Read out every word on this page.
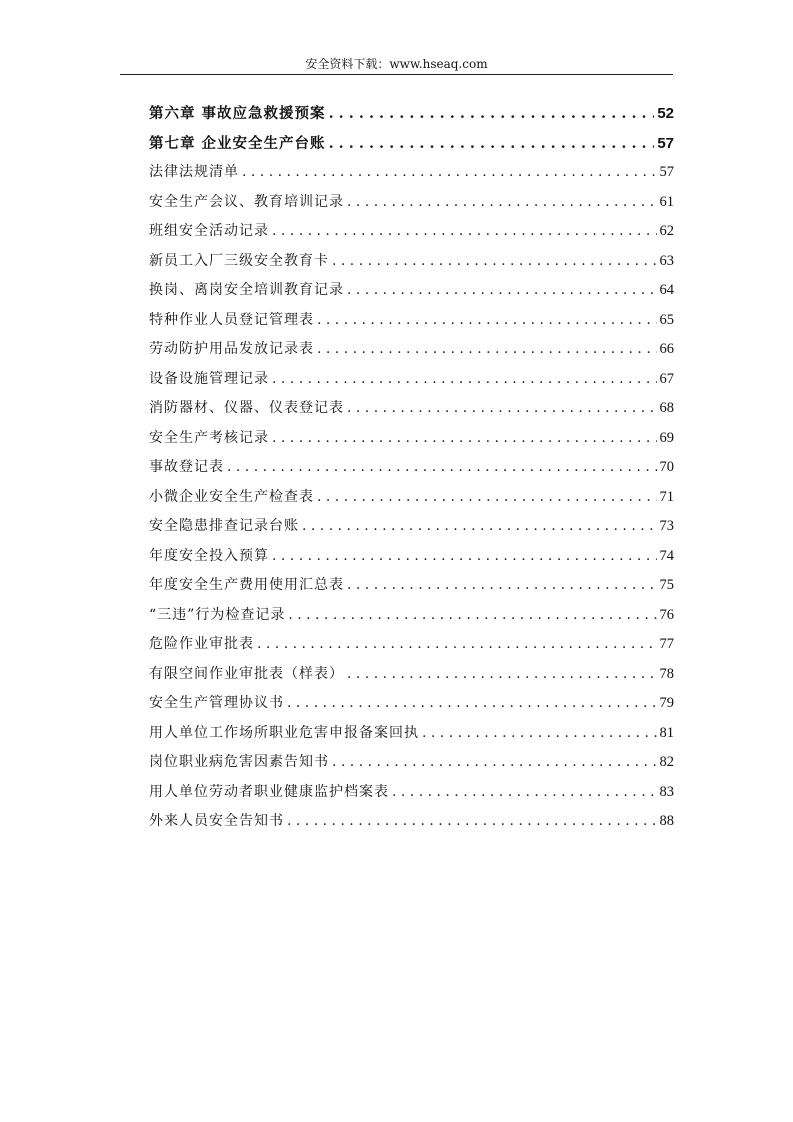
安全资料下载：www.hseaq.com
第六章 事故应急救援预案 . . .	52
第七章 企业安全生产台账 . . .	57
法律法规清单 . . .	57
安全生产会议、教育培训记录 . . .	61
班组安全活动记录 . . .	62
新员工入厂三级安全教育卡 . . .	63
换岗、离岗安全培训教育记录 . . .	64
特种作业人员登记管理表 . . .	65
劳动防护用品发放记录表 . . .	66
设备设施管理记录 . . .	67
消防器材、仪器、仪表登记表 . . .	68
安全生产考核记录 . . .	69
事故登记表 . . .	70
小微企业安全生产检查表 . . .	71
安全隐患排查记录台账 . . .	73
年度安全投入预算 . . .	74
年度安全生产费用使用汇总表 . . .	75
“三违”行为检查记录 . . .	76
危险作业审批表 . . .	77
有限空间作业审批表（样表） . . .	78
安全生产管理协议书 . . .	79
用人单位工作场所职业危害申报备案回执 . . .	81
岗位职业病危害因素告知书 . . .	82
用人单位劳动者职业健康监护档案表 . . .	83
外来人员安全告知书 . . .	88
